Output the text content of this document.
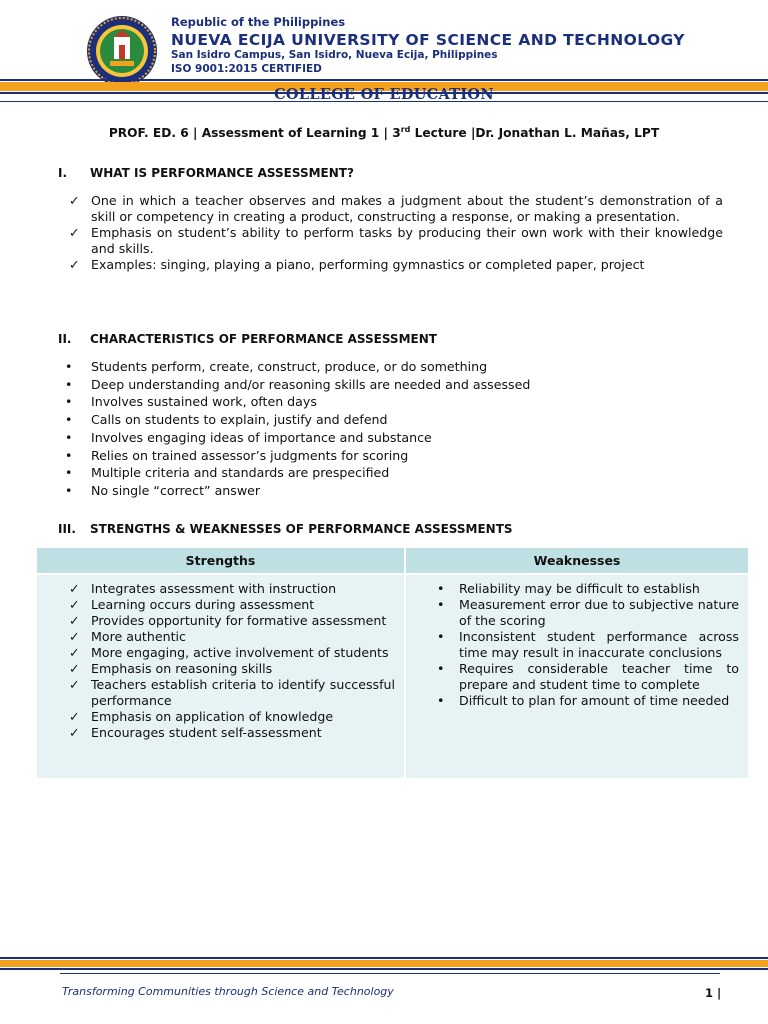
Republic of the Philippines
NUEVA ECIJA UNIVERSITY OF SCIENCE AND TECHNOLOGY
San Isidro Campus, San Isidro, Nueva Ecija, Philippines
ISO 9001:2015 CERTIFIED
COLLEGE OF EDUCATION
PROF. ED. 6 | Assessment of Learning 1 | 3rd Lecture |Dr. Jonathan L. Mañas, LPT
I. WHAT IS PERFORMANCE ASSESSMENT?
✓ One in which a teacher observes and makes a judgment about the student’s demonstration of a skill or competency in creating a product, constructing a response, or making a presentation.
✓ Emphasis on student’s ability to perform tasks by producing their own work with their knowledge and skills.
✓ Examples: singing, playing a piano, performing gymnastics or completed paper, project
II. CHARACTERISTICS OF PERFORMANCE ASSESSMENT
• Students perform, create, construct, produce, or do something
• Deep understanding and/or reasoning skills are needed and assessed
• Involves sustained work, often days
• Calls on students to explain, justify and defend
• Involves engaging ideas of importance and substance
• Relies on trained assessor’s judgments for scoring
• Multiple criteria and standards are prespecified
• No single “correct” answer
III. STRENGTHS & WEAKNESSES OF PERFORMANCE ASSESSMENTS
Strengths	Weaknesses
✓ Integrates assessment with instruction
✓ Learning occurs during assessment
✓ Provides opportunity for formative assessment
✓ More authentic
✓ More engaging, active involvement of students
✓ Emphasis on reasoning skills
✓ Teachers establish criteria to identify successful performance
✓ Emphasis on application of knowledge
✓ Encourages student self-assessment
• Reliability may be difficult to establish
• Measurement error due to subjective nature of the scoring
• Inconsistent student performance across time may result in inaccurate conclusions
• Requires considerable teacher time to prepare and student time to complete
• Difficult to plan for amount of time needed
Transforming Communities through Science and Technology	1 |
